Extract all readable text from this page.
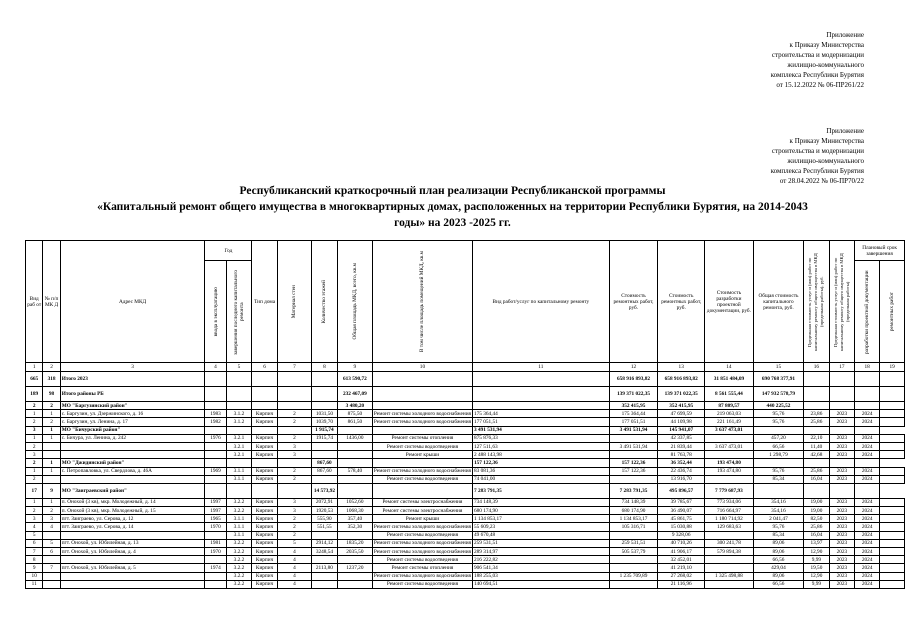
Приложение
к Приказу Министерства
строительства и модернизации
жилищно-коммунального
комплекса Республики Бурятия
от 15.12.2022 № 06-ПР261/22
Приложение
к Приказу Министерства
строительства и модернизации
жилищно-коммунального
комплекса Республики Бурятия
от 28.04.2022 № 06-ПР70/22
Республиканский краткосрочный план реализации Республиканской программы
«Капитальный ремонт общего имущества в многоквартирных домах, расположенных на территории Республики Бурятия, на 2014-2043
годы» на 2023 -2025 гг.
Вид раб от	№ п/п МК Д	Адрес МКД	Год		Тип дома	Материал стен	Количество этажей	Общая площадь МКД, всего, кв.м	В том числе площадь помещений МКД, кв.м	Вид работ/услуг по капитальному ремонту	Стоимость ремонтных работ, руб.	Стоимость ремонтных работ, руб.	Стоимость разработки проектной документации, руб.	Общая стоимость капитального ремонта, руб.	Предельная стоимость услуг и (или) работ по капитальному ремонту общего имущества в МКД (предельная работы), руб.	Предельная стоимость услуг и (или) работ по капитальному ремонту общего имущества в МКД (предельная работы)	Плановый срок завершения	

			ввода в эксплуатацию	завершения последнего капитального ремонта													разработки проектной документации	ремонтных работ

1	2	3	4	5	6	7	8	9	10	11	12	13	14	15	16	17	18	19
665	318	Итого 2023						613 590,72			658 916 893,82	658 916 893,82	31 851 484,09	690 768 377,91				
189	98	Итого районы РБ						232 467,09			139 371 022,35	139 371 022,35	8 561 555,44	147 932 578,79				
2	2	МО "Баргузинский район"						3 480,20			352 415,95	352 415,95	87 809,57	440 225,52				
1	1	с. Баргузин, ул. Дзержинского, д. 16	1983	3.1.2	Кирпич	2	1031,50	875,50	Ремонт системы холодного водоснабжения	175 364,44	175 364,44	47 699,59	219 063,03	95,76	23,86	2023	2024	
2	2	с. Баргузин, ул. Ленина, д. 17	1982	3.1.2	Кирпич	2	1039,70	861,50	Ремонт системы холодного водоснабжения	177 051,51	177 051,51	44 109,98	221 161,49	95,76	25,86	2023	2024	
3	1	МО "Бичурский район"					1 915,74			3 491 531,94	3 491 531,94	145 941,07	3 637 473,01					
1	1	с. Бичура, ул. Ленина, д. 242	1976	3.2.1	Кирпич	2	1915,74	1436,00	Ремонт системы отопления	875 876,33		42 337,85		457,20	22,10	2023	2024	
2				3.2.1	Кирпич	3			Ремонт системы водоотведения	127 511,63	3 491 531,94	21 839,44	3 637 473,01	66,56	11,40	2023	2024	
3				3.2.1	Кирпич	3			Ремонт крыши	2 488 143,98		81 763,78		1 298,79	42,68	2023	2024	
2	1	МО "Джидинский район"					867,60			157 122,36	157 122,36	36 352,44	193 474,80					
1	1	с. Петропавловка, ул. Свердлова, д. 46А	1969	3.1.1	Кирпич	2	867,60	578,40	Ремонт системы холодного водоснабжения	83 081,36	157 122,36	22 436,74	193 474,80	95,76	25,86	2023	2024	
2				3.1.1	Кирпич	2			Ремонт системы водоотведения	74 041,00		13 916,70		85,34	16,04	2023	2024	
17	9	МО "Заиграевский район"					14 573,92			7 283 791,35	7 283 791,35	495 896,57	7 779 687,93					
1	1	п. Онохой (3 кв), мкр. Молодежный, д. 14	1997	3.2.2	Кирпич	3	2072,91	1052,60	Ремонт системы электроснабжения	734 148,39	734 148,39	39 785,67	773 934,06	354,16	19,00	2023	2024	
2	2	п. Онохой (3 кв), мкр. Молодежный, д. 15	1997	3.2.2	Кирпич	3	1920,53	1068,30	Ремонт системы электроснабжения	680 174,90	680 174,90	36 490,07	716 664,97	354,16	19,00	2023	2024	
3	3	пгт. Заиграево, ул. Серова, д. 12	1965	3.1.1	Кирпич	2	555,90	357,40	Ремонт крыши	1 134 853,17	1 134 853,17	45 861,75	1 180 714,92	2 041,47	82,50	2023	2024	
4	4	пгт. Заиграево, ул. Серова, д. 14	1970	3.1.1	Кирпич	2	551,55	352,30	Ремонт системы холодного водоснабжения	55 609,23	105 316,71	15 030,88	129 683,63	95,76	25,86	2023	2024	
5				3.1.1	Кирпич	2			Ремонт системы водоотведения	49 670,48		9 328,06		85,34	16,04	2023	2024	
6	5	пгт. Онохой, ул. Юбилейная, д. 13	1981	3.2.2	Кирпич	5	2914,12	1835,20	Ремонт системы холодного водоснабжения	259 531,51	259 531,51	40 710,26	300 241,78	89,06	13,97	2023	2024	
7	6	пгт. Онохой, ул. Юбилейная, д. 4	1970	3.2.2	Кирпич	4	3248,54	2035,50	Ремонт системы холодного водоснабжения	289 314,97	505 537,79	41 906,17	579 894,38	89,06	12,90	2023	2024	
8				3.2.2	Кирпич	4			Ремонт системы водоотведения	216 222,82		32 452,01		66,56	9,99	2023	2024	
9	7	пгт. Онохой, ул. Юбилейная, д. 5	1974	3.2.2	Кирпич	4	2113,80	1237,20	Ремонт системы отопления	906 541,34		41 219,10		429,04	19,50	2023	2024	
10				3.2.2	Кирпич	4			Ремонт системы холодного водоснабжения	188 255,03	1 235 709,89	27 268,02	1 325 498,88	89,06	12,90	2023	2024	
11				3.2.2	Кирпич	4			Ремонт системы водоотведения	140 694,51		21 116,96		66,56	9,99	2023	2024	
